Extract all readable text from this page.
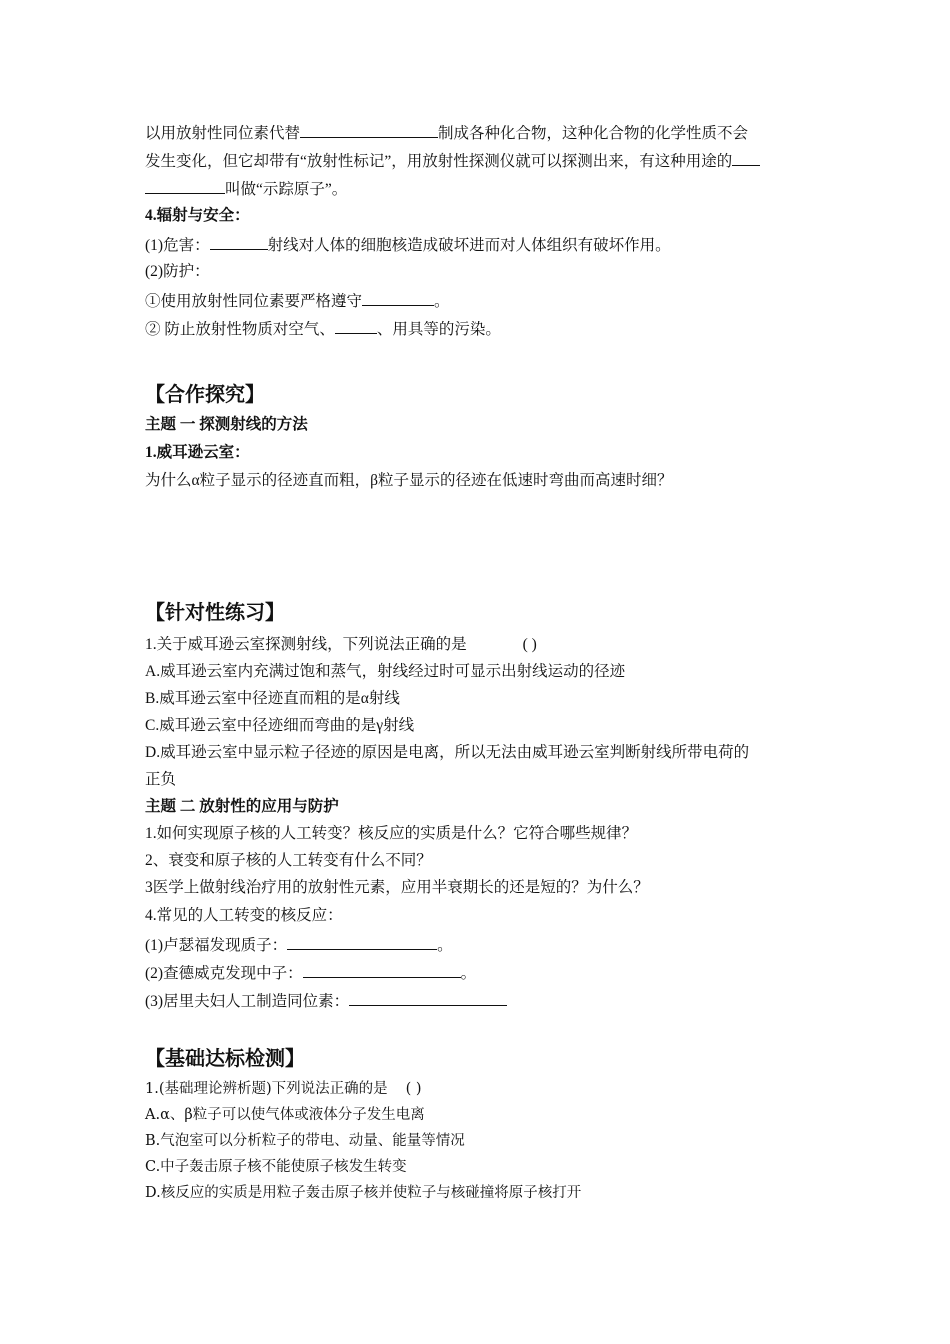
以用放射性同位素代替	制成各种化合物，这种化合物的化学性质不会
发生变化，但它却带有“放射性标记”，用放射性探测仪就可以探测出来，有这种用途的
叫做“示踪原子”。
4.辐射与安全：
(1)危害：	射线对人体的细胞核造成破坏进而对人体组织有破坏作用。
(2)防护：
①使用放射性同位素要严格遵守	。
② 防止放射性物质对空气、	、用具等的污染。
【合作探究】
主题 一 探测射线的方法
1.威耳逊云室：
为什么α粒子显示的径迹直而粗，β粒子显示的径迹在低速时弯曲而高速时细？
【针对性练习】
1.关于威耳逊云室探测射线，下列说法正确的是	( )
A.威耳逊云室内充满过饱和蒸气，射线经过时可显示出射线运动的径迹
B.威耳逊云室中径迹直而粗的是α射线
C.威耳逊云室中径迹细而弯曲的是γ射线
D.威耳逊云室中显示粒子径迹的原因是电离，所以无法由威耳逊云室判断射线所带电荷的
正负
主题 二 放射性的应用与防护
1.如何实现原子核的人工转变？核反应的实质是什么？它符合哪些规律？
2、衰变和原子核的人工转变有什么不同？
3医学上做射线治疗用的放射性元素，应用半衰期长的还是短的？为什么？
4.常见的人工转变的核反应：
(1)卢瑟福发现质子：	。
(2)查德威克发现中子：	。
(3)居里夫妇人工制造同位素：
【基础达标检测】
1.(基础理论辨析题)下列说法正确的是 ( )
A.α、β粒子可以使气体或液体分子发生电离
B.气泡室可以分析粒子的带电、动量、能量等情况
C.中子轰击原子核不能使原子核发生转变
D.核反应的实质是用粒子轰击原子核并使粒子与核碰撞将原子核打开
